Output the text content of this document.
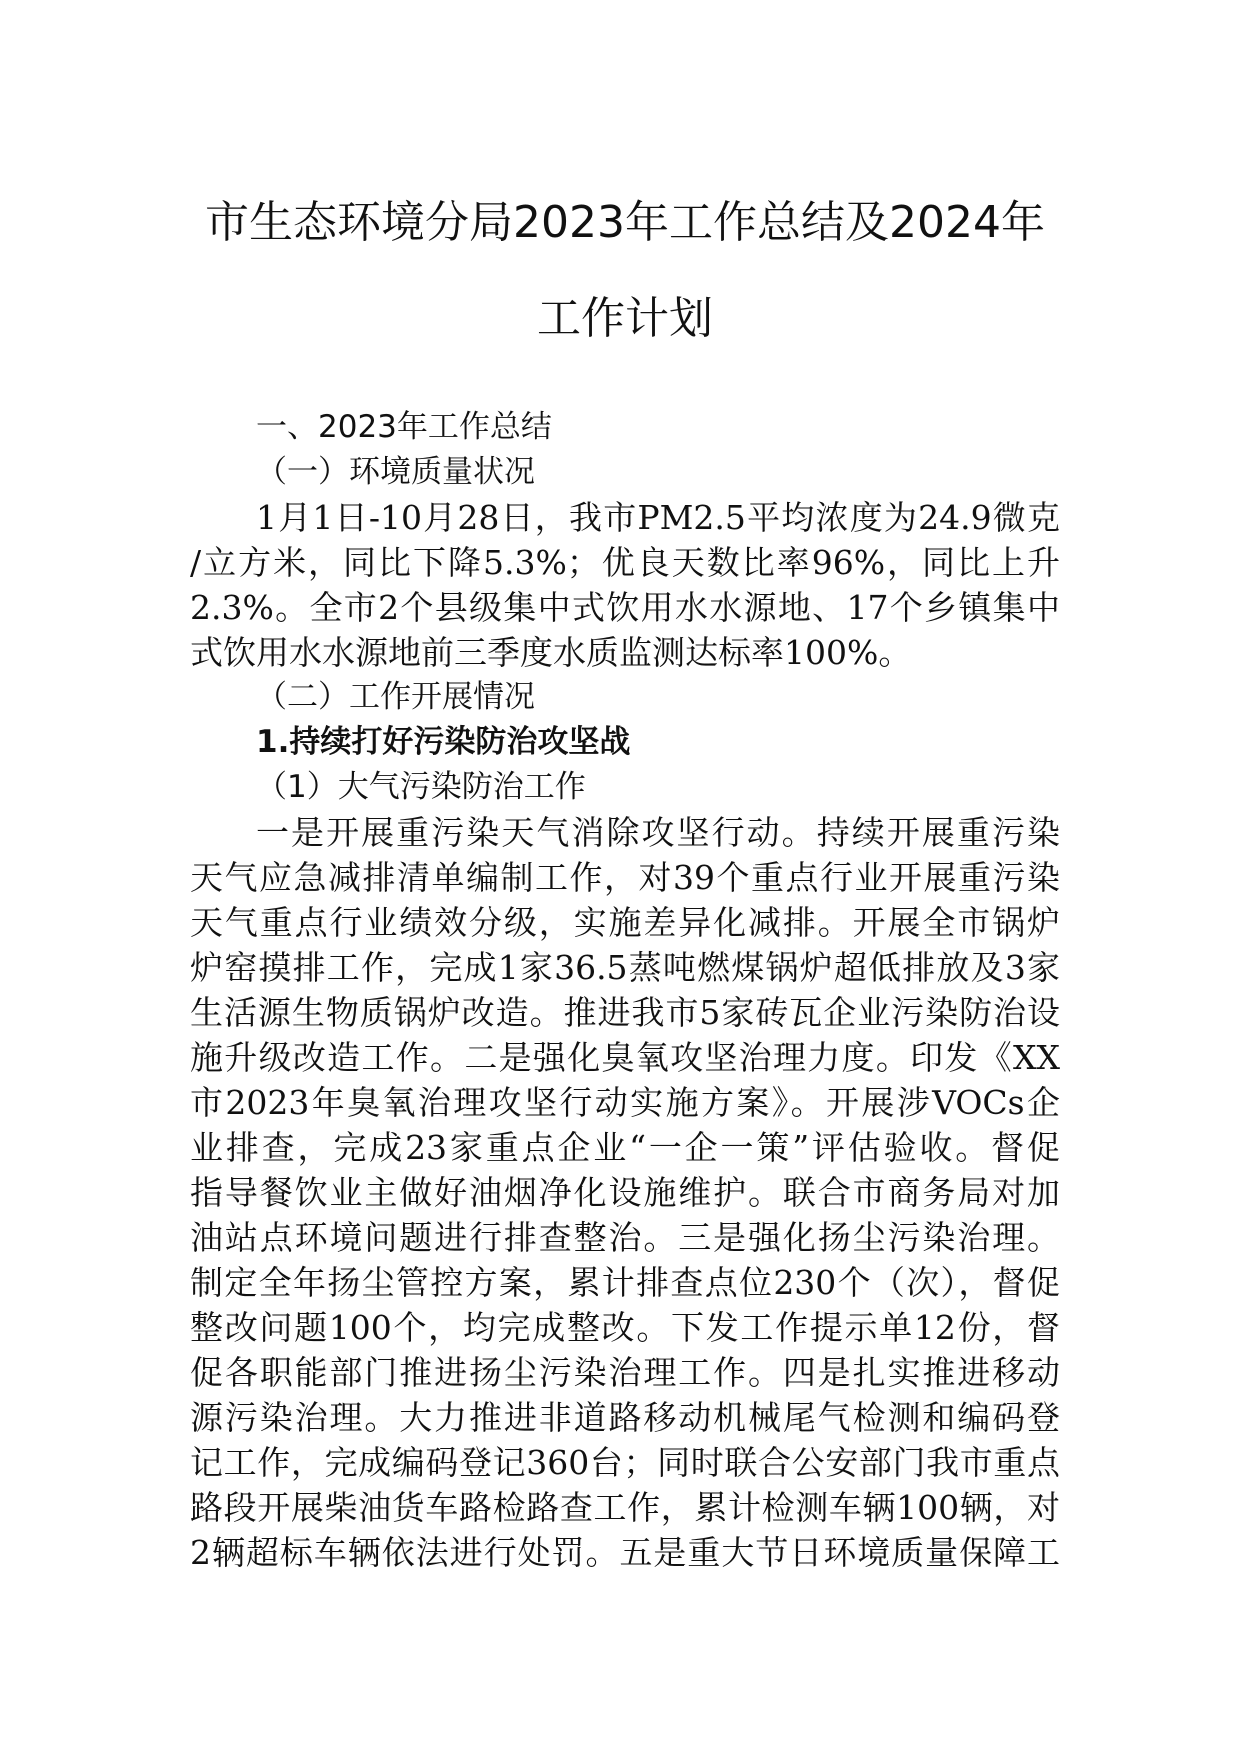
市生态环境分局2023年工作总结及2024年
工作计划
一、2023年工作总结
（一）环境质量状况

1月1日-10月28日，我市PM2.5平均浓度为24.9微克
/立方米，同比下降5.3%；优良天数比率96%，同比上升
2.3%。全市2个县级集中式饮用水水源地、17个乡镇集中
式饮用水水源地前三季度水质监测达标率100%。

（二）工作开展情况
1.持续打好污染防治攻坚战
（1）大气污染防治工作

一是开展重污染天气消除攻坚行动。持续开展重污染
天气应急减排清单编制工作，对39个重点行业开展重污染
天气重点行业绩效分级，实施差异化减排。开展全市锅炉
炉窑摸排工作，完成1家36.5蒸吨燃煤锅炉超低排放及3家
生活源生物质锅炉改造。推进我市5家砖瓦企业污染防治设
施升级改造工作。二是强化臭氧攻坚治理力度。印发《XX
市2023年臭氧治理攻坚行动实施方案》。开展涉VOCs企
业排查，完成23家重点企业“一企一策”评估验收。督促
指导餐饮业主做好油烟净化设施维护。联合市商务局对加
油站点环境问题进行排查整治。三是强化扬尘污染治理。
制定全年扬尘管控方案，累计排查点位230个（次），督促
整改问题100个，均完成整改。下发工作提示单12份，督
促各职能部门推进扬尘污染治理工作。四是扎实推进移动
源污染治理。大力推进非道路移动机械尾气检测和编码登
记工作，完成编码登记360台；同时联合公安部门我市重点
路段开展柴油货车路检路查工作，累计检测车辆100辆，对
2辆超标车辆依法进行处罚。五是重大节日环境质量保障工
